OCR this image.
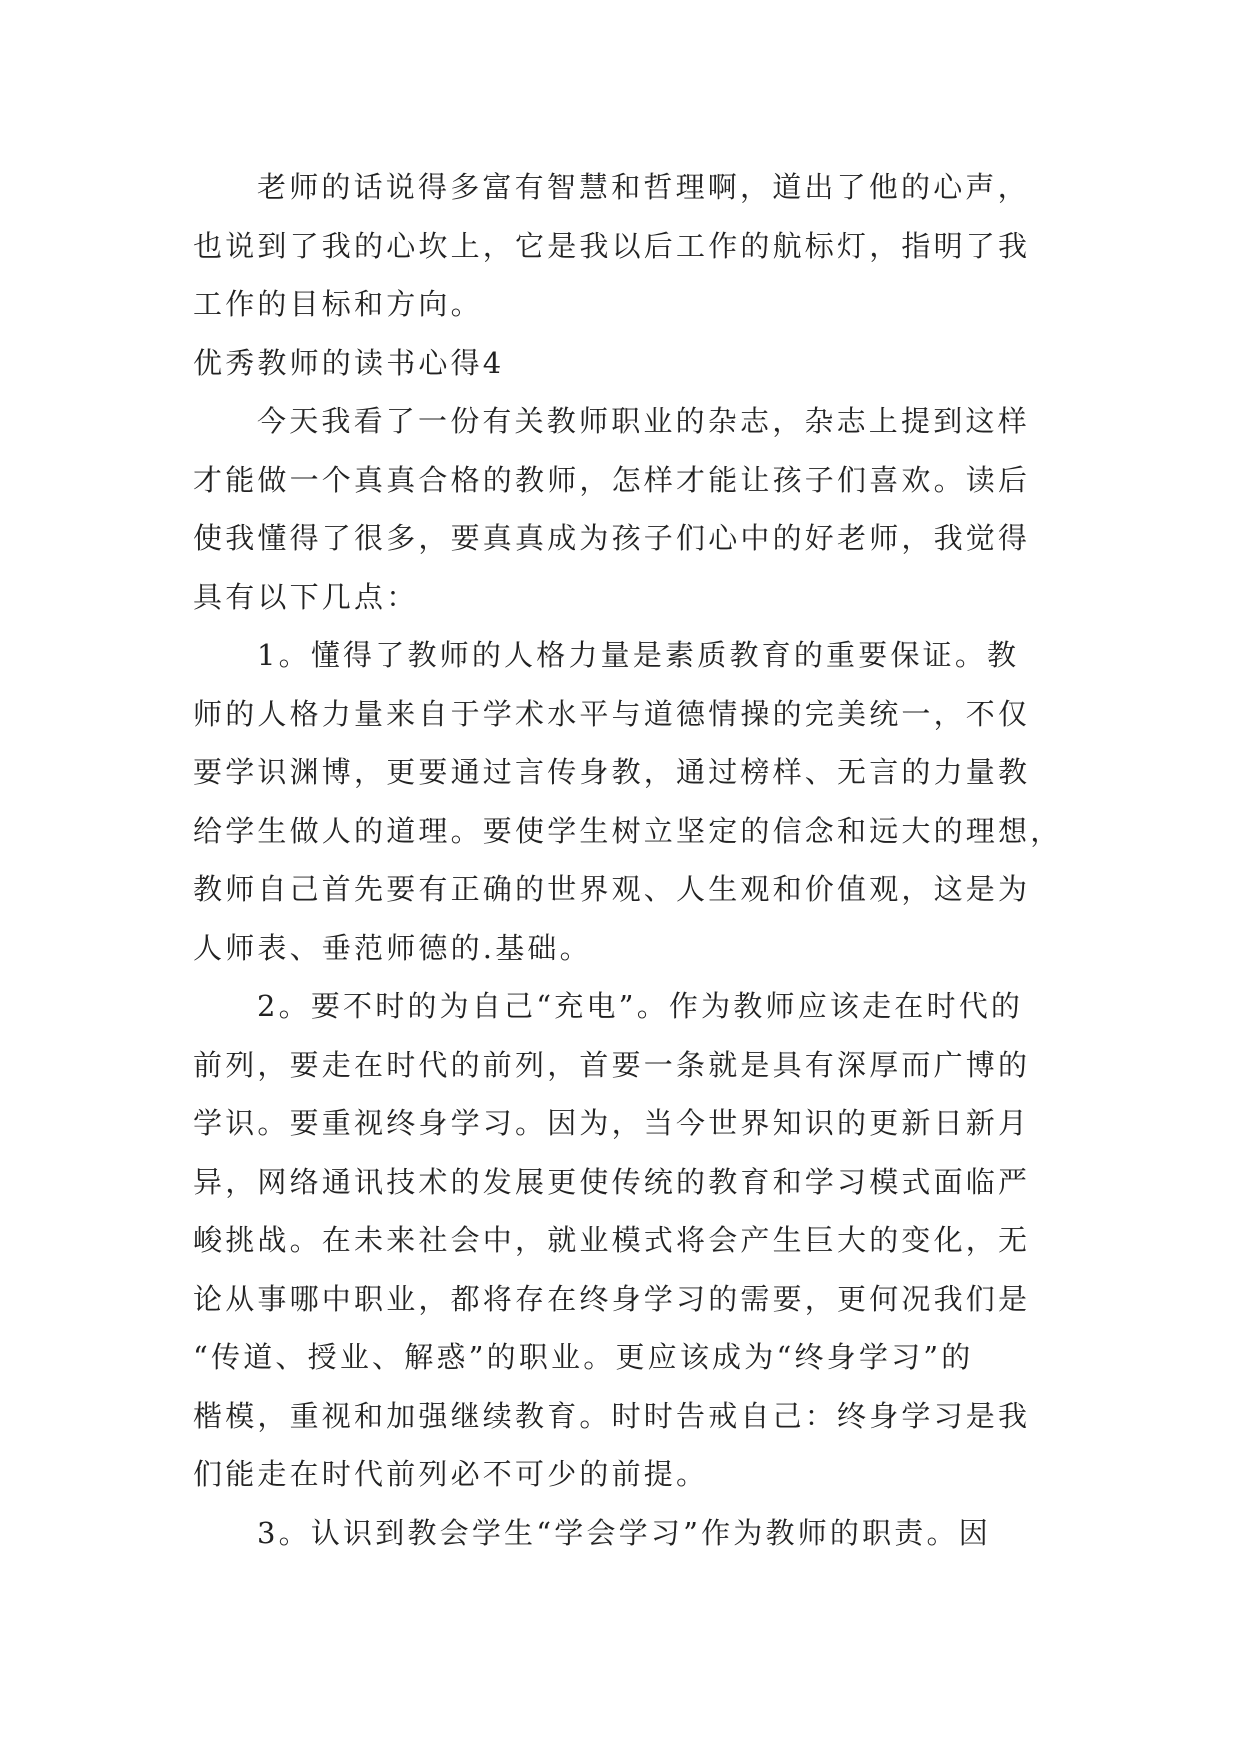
老师的话说得多富有智慧和哲理啊，道出了他的心声，
也说到了我的心坎上，它是我以后工作的航标灯，指明了我
工作的目标和方向。
优秀教师的读书心得4
今天我看了一份有关教师职业的杂志，杂志上提到这样
才能做一个真真合格的教师，怎样才能让孩子们喜欢。读后
使我懂得了很多，要真真成为孩子们心中的好老师，我觉得
具有以下几点：
1。懂得了教师的人格力量是素质教育的重要保证。教
师的人格力量来自于学术水平与道德情操的完美统一，不仅
要学识渊博，更要通过言传身教，通过榜样、无言的力量教
给学生做人的道理。要使学生树立坚定的信念和远大的理想，
教师自己首先要有正确的世界观、人生观和价值观，这是为
人师表、垂范师德的.基础。
2。要不时的为自己“充电”。作为教师应该走在时代的
前列，要走在时代的前列，首要一条就是具有深厚而广博的
学识。要重视终身学习。因为，当今世界知识的更新日新月
异，网络通讯技术的发展更使传统的教育和学习模式面临严
峻挑战。在未来社会中，就业模式将会产生巨大的变化，无
论从事哪中职业，都将存在终身学习的需要，更何况我们是
“传道、授业、解惑”的职业。更应该成为“终身学习”的
楷模，重视和加强继续教育。时时告戒自己：终身学习是我
们能走在时代前列必不可少的前提。
3。认识到教会学生“学会学习”作为教师的职责。因
